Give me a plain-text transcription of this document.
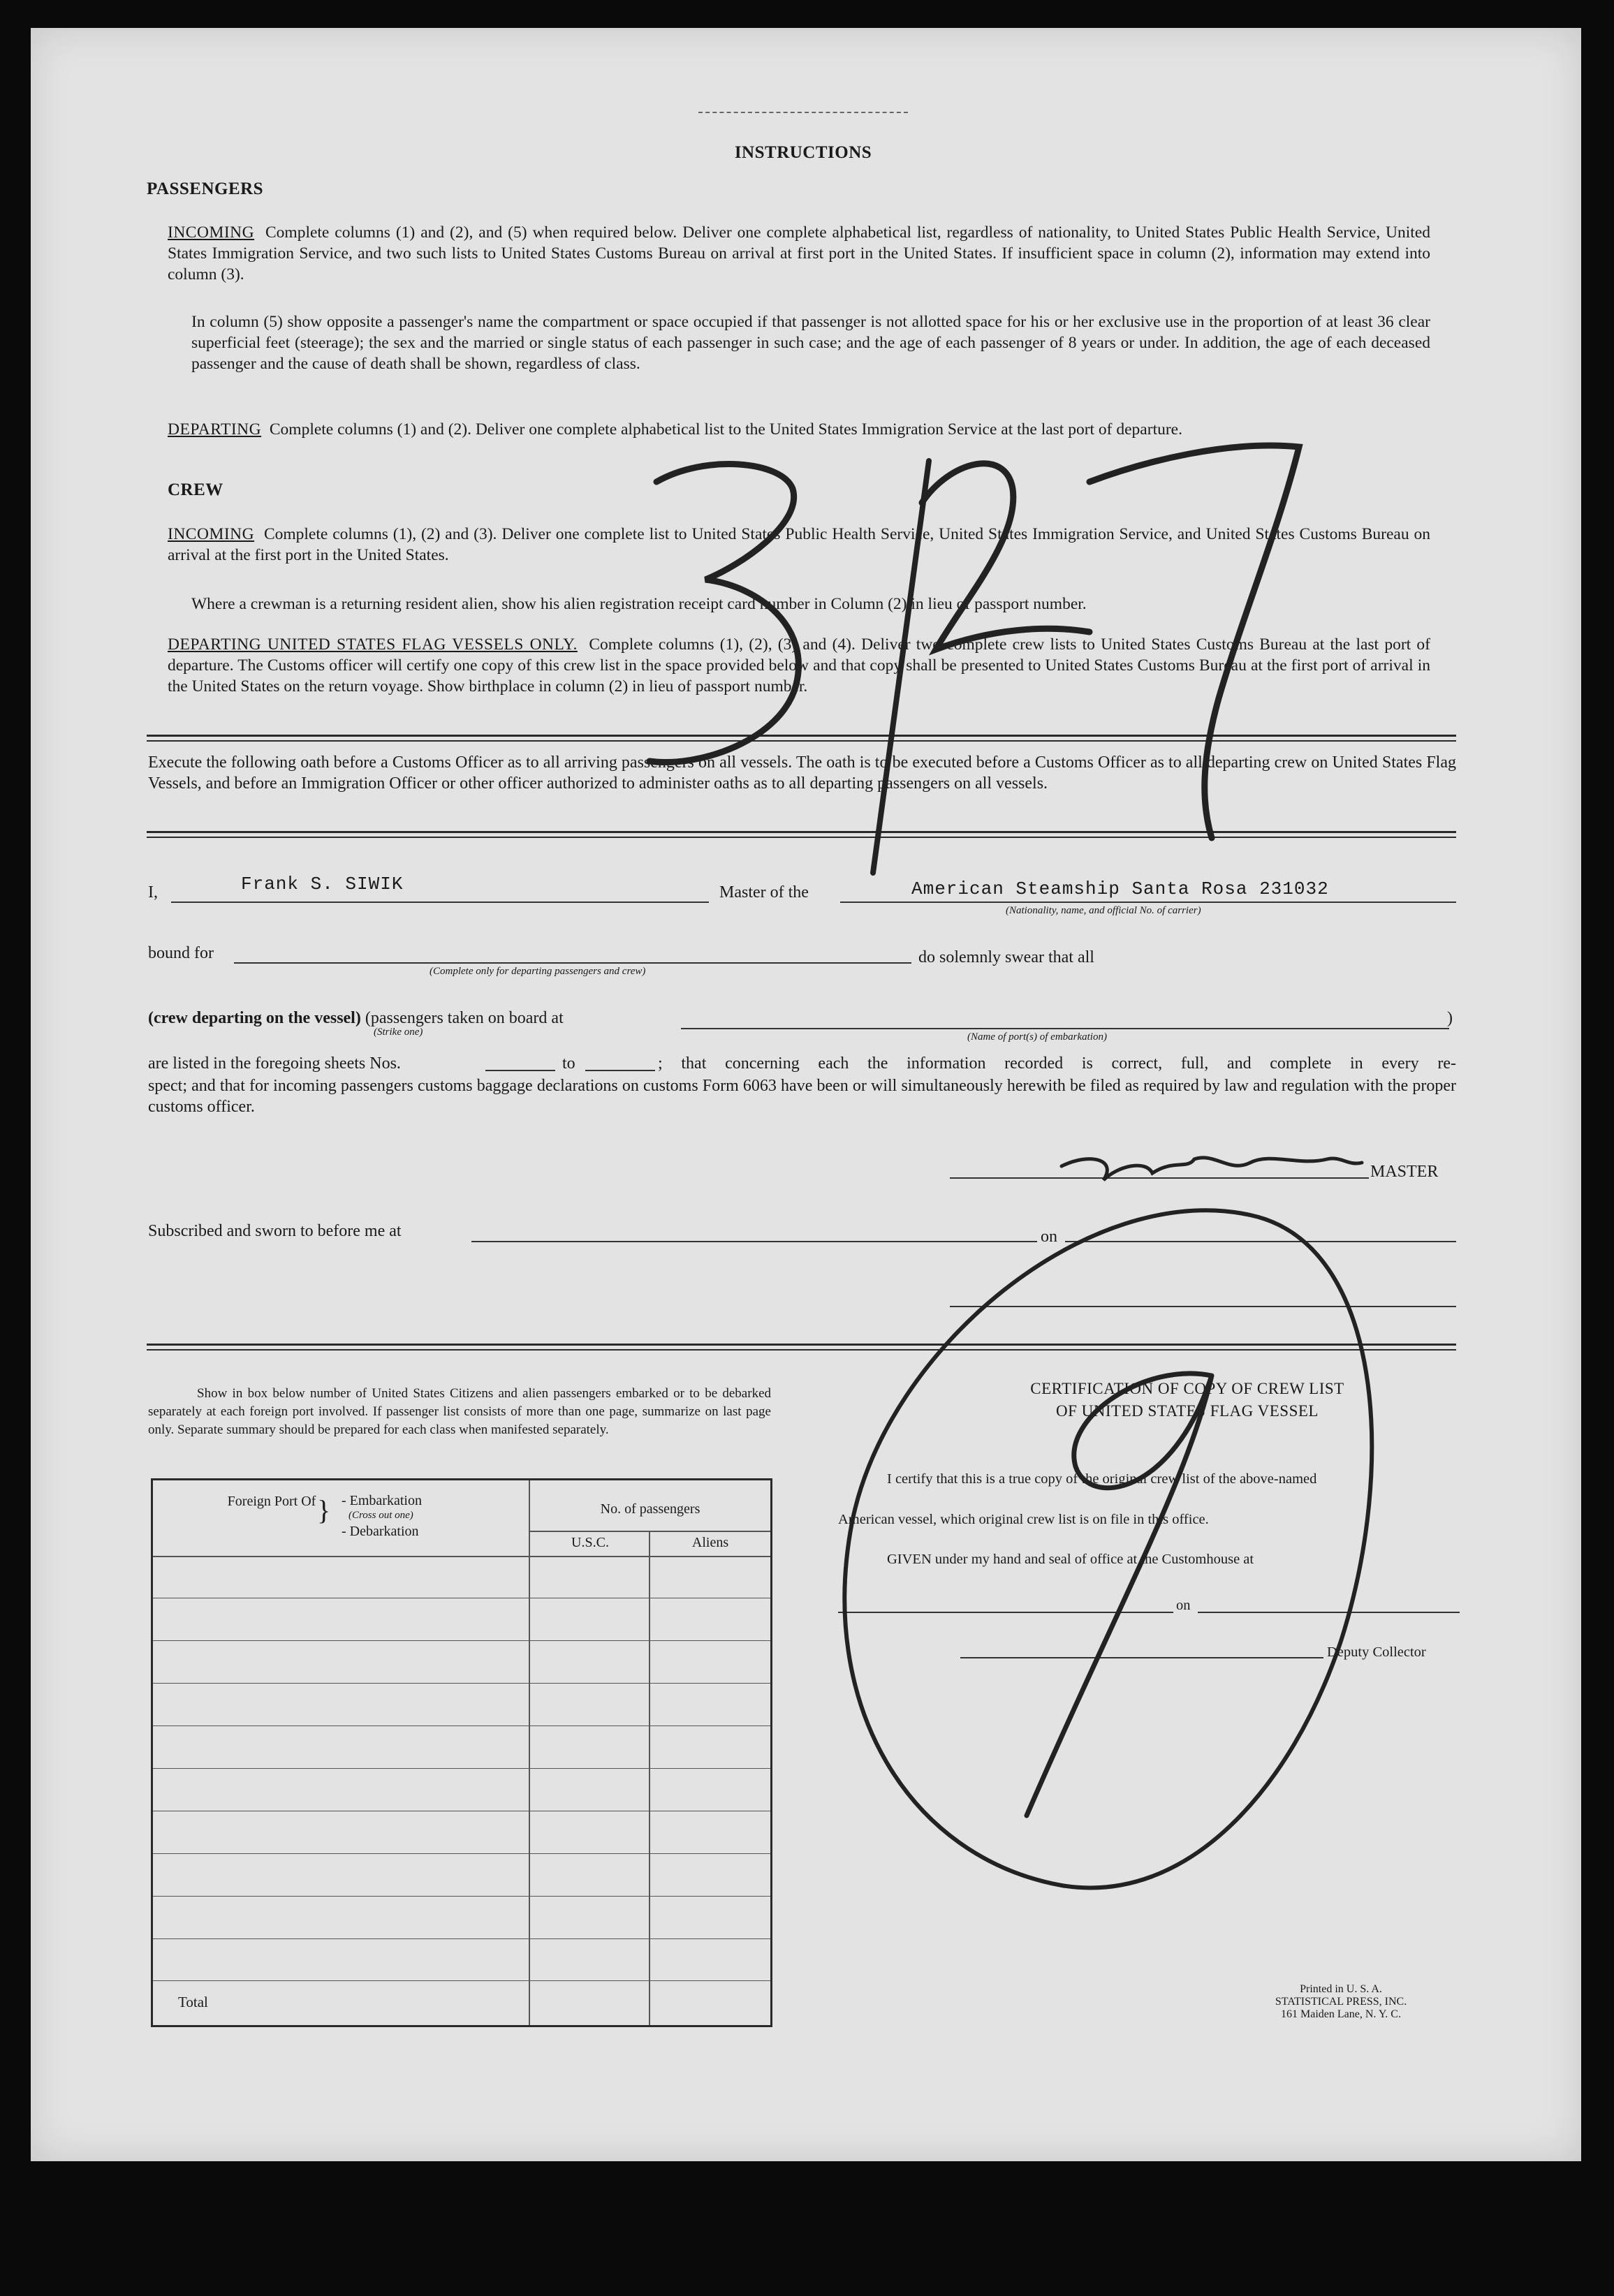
INSTRUCTIONS
PASSENGERS
INCOMING Complete columns (1) and (2), and (5) when required below. Deliver one complete alphabetical list, regardless of nationality, to United States Public Health Service, United States Immigration Service, and two such lists to United States Customs Bureau on arrival at first port in the United States. If insufficient space in column (2), information may extend into column (3).
In column (5) show opposite a passenger's name the compartment or space occupied if that passenger is not allotted space for his or her exclusive use in the proportion of at least 36 clear superficial feet (steerage); the sex and the married or single status of each passenger in such case; and the age of each passenger of 8 years or under. In addition, the age of each deceased passenger and the cause of death shall be shown, regardless of class.
DEPARTING Complete columns (1) and (2). Deliver one complete alphabetical list to the United States Immigration Service at the last port of departure.
CREW
INCOMING Complete columns (1), (2) and (3). Deliver one complete list to United States Public Health Service, United States Immigration Service, and United States Customs Bureau on arrival at the first port in the United States.
Where a crewman is a returning resident alien, show his alien registration receipt card number in Column (2) in lieu of passport number.
DEPARTING UNITED STATES FLAG VESSELS ONLY. Complete columns (1), (2), (3) and (4). Deliver two complete crew lists to United States Customs Bureau at the last port of departure. The Customs officer will certify one copy of this crew list in the space provided below and that copy shall be presented to United States Customs Bureau at the first port of arrival in the United States on the return voyage. Show birthplace in column (2) in lieu of passport number.
Execute the following oath before a Customs Officer as to all arriving passengers on all vessels. The oath is to be executed before a Customs Officer as to all departing crew on United States Flag Vessels, and before an Immigration Officer or other officer authorized to administer oaths as to all departing passengers on all vessels.
I,	Frank S. SIWIK	Master of the	American Steamship Santa Rosa 231032
(Nationality, name, and official No. of carrier)
bound for
(Complete only for departing passengers and crew)
do solemnly swear that all
(crew departing on the vessel) (passengers taken on board at	)
(Strike one)	(Name of port(s) of embarkation)
are listed in the foregoing sheets Nos.	to	; that concerning each the information recorded is correct, full, and complete in every re-
spect; and that for incoming passengers customs baggage declarations on customs Form 6063 have been or will simultaneously herewith be filed as required by law and regulation with the proper customs officer.
MASTER
Subscribed and sworn to before me at	on
Show in box below number of United States Citizens and alien passengers embarked or to be debarked separately at each foreign port involved. If passenger list consists of more than one page, summarize on last page only. Separate summary should be prepared for each class when manifested separately.
Foreign Port Of } - Embarkation
(Cross out one)
- Debarkation
No. of passengers
U.S.C.	Aliens
Total
CERTIFICATION OF COPY OF CREW LIST
OF UNITED STATES FLAG VESSEL
I certify that this is a true copy of the original crew list of the above-named
American vessel, which original crew list is on file in this office.
GIVEN under my hand and seal of office at the Customhouse at
on
Deputy Collector
Printed in U. S. A.
STATISTICAL PRESS, INC.
161 Maiden Lane, N. Y. C.
